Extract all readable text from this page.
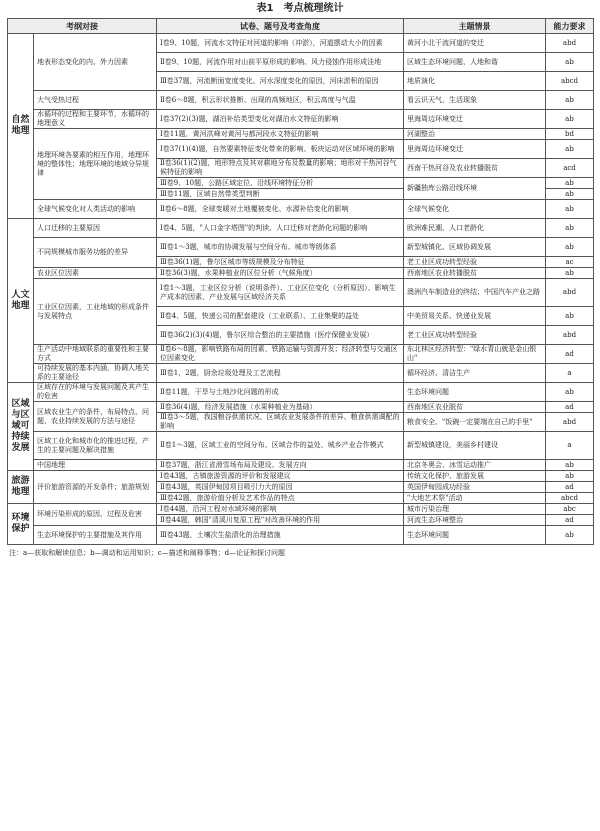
表1　考点梳理统计
考纲对接		试卷、题号及考查角度	主题情景	能力要求
自然地理	地表形态变化的内、外力因素	Ⅰ卷9、10题，河流水文特征对河道的影响（冲淤），河道摆动大小的因素	黄河小北干流河道的变迁	abd
		Ⅱ卷9、10题，河流作用对山前平原形成的影响、风力侵蚀作用形成洼地	区域生态环境问题、人地和谐	ab
		Ⅲ卷37题，河流断面宽度变化、河水深度变化的原因，河床淤积的原因	地质演化	abcd
	大气受热过程	Ⅱ卷6～8题，积云形状推断、出现的高频地区，积云高度与气温	看云识天气、生活现象	ab
	水循环的过程和主要环节，水循环的地理意义	Ⅰ卷37(2)(3)题，湖泊补给类型变化对湖泊水文特征的影响	里海周边环境变迁	ab
	地理环境各要素的相互作用，地理环境的整体性；地理环境的地域分异规律	Ⅰ卷11题，黄河洪峰对黄河与都河段水文特征的影响	河湖整治	bd
		Ⅰ卷37(1)(4)题，自然要素特征变化带来的影响、板块运动对区域环境的影响	里海周边环境变迁	ab
		Ⅱ卷36(1)(2)题，地形特点及其对耕地分布及数量的影响；地形对干热河谷气候特征的影响	西南干热河谷及农业转播脱贫	acd
		Ⅲ卷9、10题，公路区域定位、沿线环境特征分析	新疆独库公路沿线环境	ab
		Ⅲ卷11题，区域自然带类型判断		ab
	全球气候变化对人类活动的影响	Ⅱ卷6～8题，全球变暖对土地覆被变化、水源补给变化的影响	全球气候变化	ab
人文地理	人口迁移的主要原因	Ⅰ卷4、5题，"人口金字塔图"的判读、人口迁移对老龄化问题的影响	欧洲难民潮、人口老龄化	ab
	不同规模城市服务功能的差异	Ⅲ卷1～3题，城市的协调发展与空间分布、城市等级体系	新型城镇化、区域协调发展	ab
		Ⅲ卷36(1)题，鲁尔区城市等级规模及分布特征	老工业区成功转型经验	ac
	农业区位因素	Ⅱ卷36(3)题，水果种植业的区位分析（气候角度）	西南地区农业转播脱贫	ab
	工业区位因素，工业地域的形成条件与发展特点	Ⅰ卷1～3题，工业区位分析（说明条件）、工业区位变化（分析原因）、影响生产成本的因素、产业发展与区域经济关系	澳洲汽车制造业的终结；中国汽车产业之路	abd
		Ⅱ卷4、5题，快递公司的配套建设（工业联系）、工业集聚的益处	中美贸易关系、快递业发展	ab
		Ⅲ卷36(2)(3)(4)题，鲁尔区综合整治的主要措施（医疗保健业发展）	老工业区成功转型经验	abd
	生产活动中地域联系的重要性和主要方式	Ⅱ卷6～8题，影响铁路布局的因素、铁路运输与资源开发；经济转型与交通区位因素变化	东北林区经济转型："绿水青山就是金山银山"	ad
	可持续发展的基本内涵，协调人地关系的主要途径	Ⅲ卷1，2题，厨余垃圾处理及工艺流程	循环经济、清洁生产	a
区域与区域可持续发展	区域存在的环境与发展问题及其产生的危害	Ⅱ卷11题，干旱与土地沙化问题的形成	生态环境问题	ab
	区域农业生产的条件、布局特点、问题，农业持续发展的方法与途径	Ⅱ卷36(4)题，经济发展措施（水果种植业为基础）	西南地区农业脱贫	ad
		Ⅲ卷3～5题，我国粮谷供需状况、区域农业发展条件的差异、粮食供需调配的影响	粮食安全、"饭碗一定要端在自己的手里"	abd
	区域工业化和城市化的推进过程，产生的主要问题及解决措施	Ⅱ卷1～3题，区域工业的空间分布、区域合作的益处、城乡产业合作模式	新型城镇建设，美丽乡村建设	a
	中国地理	Ⅱ卷37题，浙江省滑雪场布局及建设、发展方向	北京冬奥会、冰雪运动推广	ab
旅游地理	评价旅游资源的开发条件；旅游规划	Ⅰ卷43题，古镇旅游资源的评价和发展建议	传统文化保护、旅游发展	ab
		Ⅱ卷43题，英国伊甸园项目吸引力大的原因	英国伊甸园成功经验	ad
		Ⅲ卷42题，旅游价值分析及艺术作品的特点	"大地艺术祭"活动	abcd
环境保护	环境污染形成的原因、过程及危害	Ⅰ卷44题，沿河工程对水域环境的影响	城市污染治理	abc
		Ⅱ卷44题，韩国"清溪川复原工程"对改善环境的作用	河流生态环境整治	ad
	生态环境保护的主要措施及其作用	Ⅲ卷43题，土壤次生盐渍化的治理措施	生态环境问题	ab
注：a—获取和解读信息；b—调动和运用知识；c—描述和阐释事物；d—论证和探讨问题
